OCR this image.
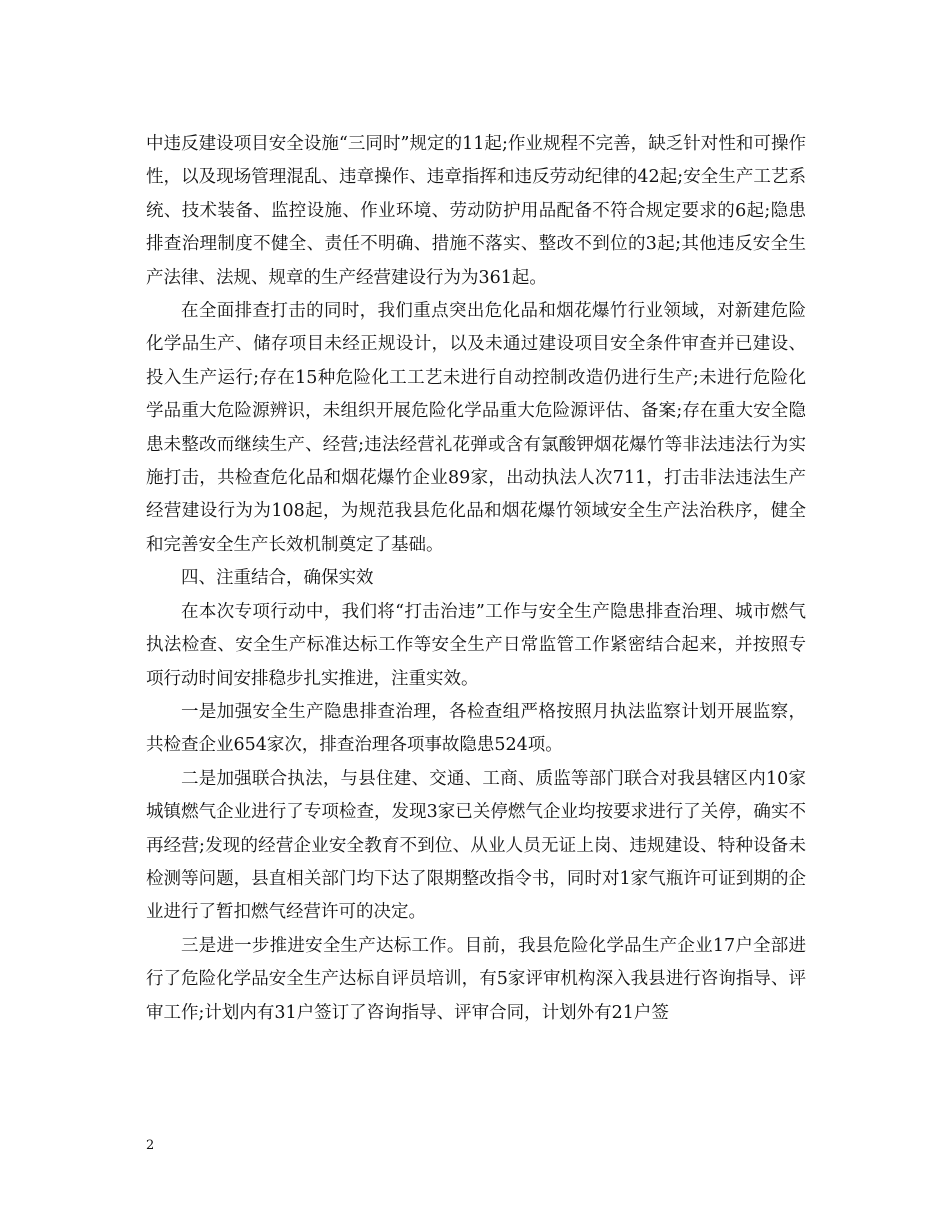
中违反建设项目安全设施“三同时”规定的11起;作业规程不完善，缺乏针对性和可操作性，以及现场管理混乱、违章操作、违章指挥和违反劳动纪律的42起;安全生产工艺系统、技术装备、监控设施、作业环境、劳动防护用品配备不符合规定要求的6起;隐患排查治理制度不健全、责任不明确、措施不落实、整改不到位的3起;其他违反安全生产法律、法规、规章的生产经营建设行为为361起。

在全面排查打击的同时，我们重点突出危化品和烟花爆竹行业领域，对新建危险化学品生产、储存项目未经正规设计，以及未通过建设项目安全条件审查并已建设、投入生产运行;存在15种危险化工工艺未进行自动控制改造仍进行生产;未进行危险化学品重大危险源辨识，未组织开展危险化学品重大危险源评估、备案;存在重大安全隐患未整改而继续生产、经营;违法经营礼花弹或含有氯酸钾烟花爆竹等非法违法行为实施打击，共检查危化品和烟花爆竹企业89家，出动执法人次711，打击非法违法生产经营建设行为为108起，为规范我县危化品和烟花爆竹领域安全生产法治秩序，健全和完善安全生产长效机制奠定了基础。

四、注重结合，确保实效

在本次专项行动中，我们将“打击治违”工作与安全生产隐患排查治理、城市燃气执法检查、安全生产标准达标工作等安全生产日常监管工作紧密结合起来，并按照专项行动时间安排稳步扎实推进，注重实效。

一是加强安全生产隐患排查治理，各检查组严格按照月执法监察计划开展监察，共检查企业654家次，排查治理各项事故隐患524项。

二是加强联合执法，与县住建、交通、工商、质监等部门联合对我县辖区内10家城镇燃气企业进行了专项检查，发现3家已关停燃气企业均按要求进行了关停，确实不再经营;发现的经营企业安全教育不到位、从业人员无证上岗、违规建设、特种设备未检测等问题，县直相关部门均下达了限期整改指令书，同时对1家气瓶许可证到期的企业进行了暂扣燃气经营许可的决定。

三是进一步推进安全生产达标工作。目前，我县危险化学品生产企业17户全部进行了危险化学品安全生产达标自评员培训，有5家评审机构深入我县进行咨询指导、评审工作;计划内有31户签订了咨询指导、评审合同，计划外有21户签

2
